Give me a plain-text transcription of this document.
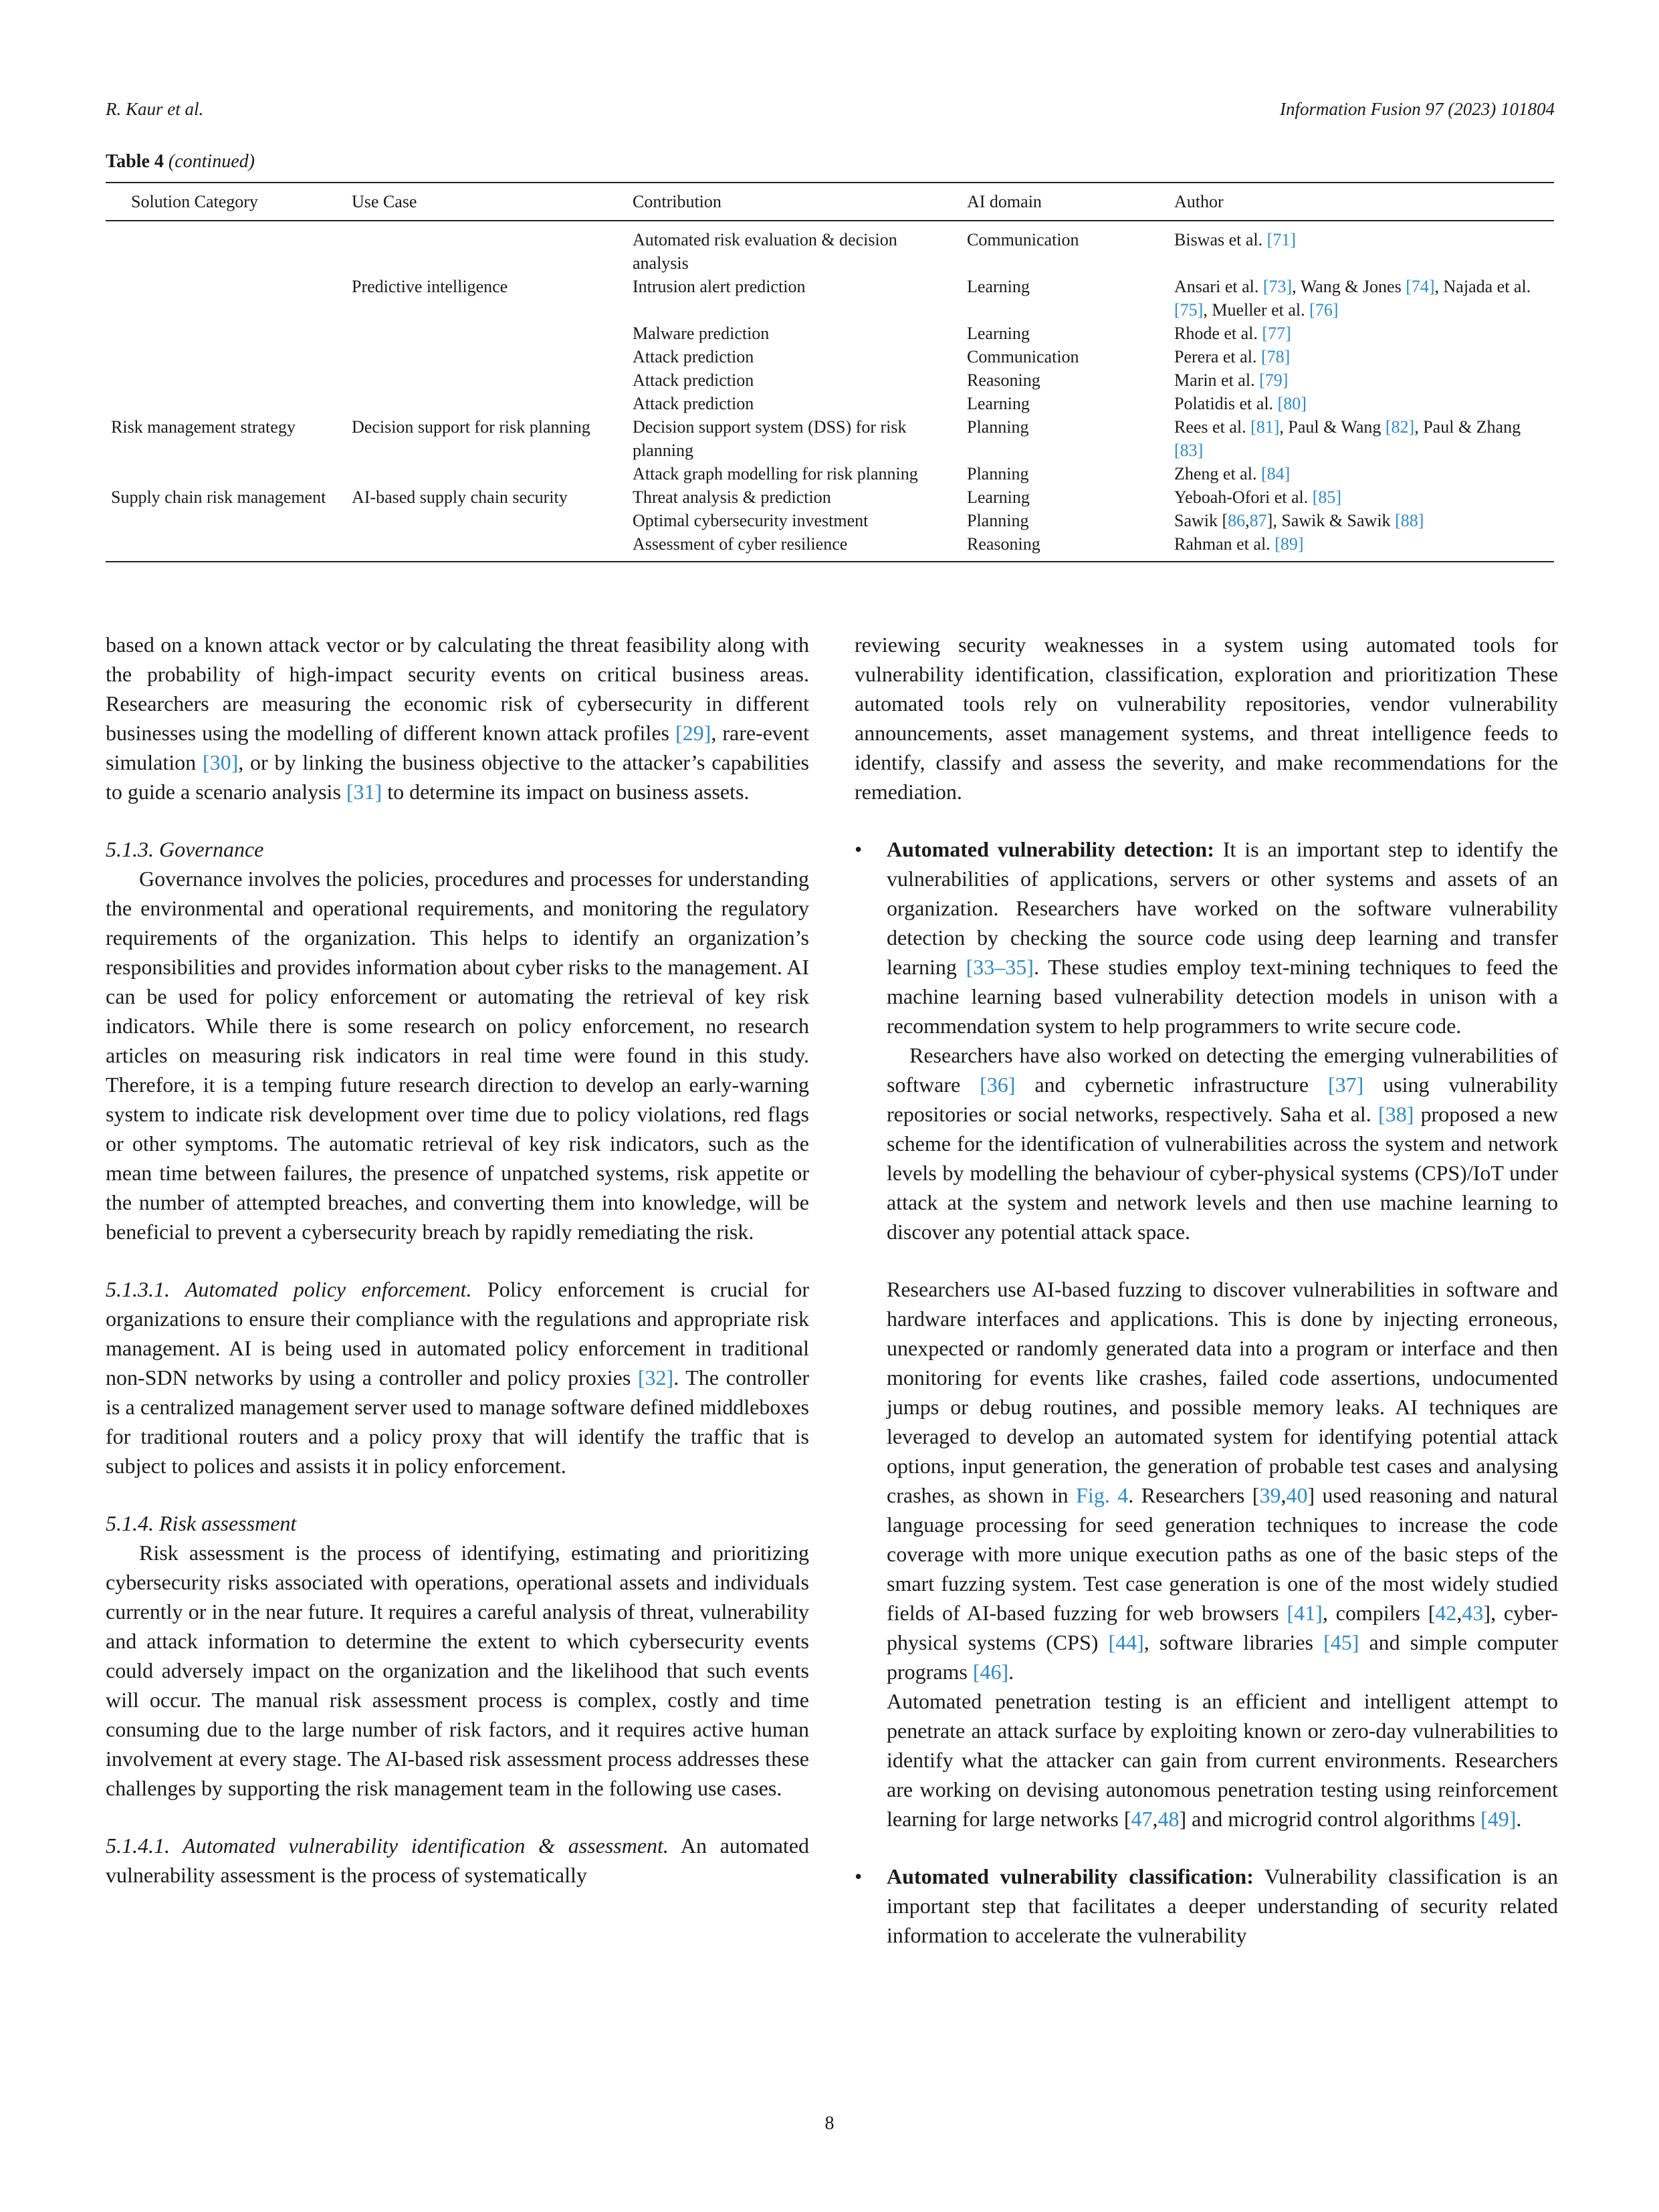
R. Kaur et al.	Information Fusion 97 (2023) 101804
Table 4 (continued)
Solution Category	Use Case	Contribution	AI domain	Author
		Automated risk evaluation & decision analysis	Communication	Biswas et al. [71]
	Predictive intelligence	Intrusion alert prediction	Learning	Ansari et al. [73], Wang & Jones [74], Najada et al. [75], Mueller et al. [76]
		Malware prediction	Learning	Rhode et al. [77]
		Attack prediction	Communication	Perera et al. [78]
		Attack prediction	Reasoning	Marin et al. [79]
		Attack prediction	Learning	Polatidis et al. [80]
Risk management strategy	Decision support for risk planning	Decision support system (DSS) for risk planning	Planning	Rees et al. [81], Paul & Wang [82], Paul & Zhang [83]
		Attack graph modelling for risk planning	Planning	Zheng et al. [84]
Supply chain risk management	AI-based supply chain security	Threat analysis & prediction	Learning	Yeboah-Ofori et al. [85]
		Optimal cybersecurity investment	Planning	Sawik [86,87], Sawik & Sawik [88]
		Assessment of cyber resilience	Reasoning	Rahman et al. [89]

based on a known attack vector or by calculating the threat feasibility along with the probability of high-impact security events on critical business areas. Researchers are measuring the economic risk of cybersecurity in different businesses using the modelling of different known attack profiles [29], rare-event simulation [30], or by linking the business objective to the attacker’s capabilities to guide a scenario analysis [31] to determine its impact on business assets.

5.1.3. Governance

Governance involves the policies, procedures and processes for understanding the environmental and operational requirements, and monitoring the regulatory requirements of the organization. This helps to identify an organization’s responsibilities and provides information about cyber risks to the management. AI can be used for policy enforcement or automating the retrieval of key risk indicators. While there is some research on policy enforcement, no research articles on measuring risk indicators in real time were found in this study. Therefore, it is a temping future research direction to develop an early-warning system to indicate risk development over time due to policy violations, red flags or other symptoms. The automatic retrieval of key risk indicators, such as the mean time between failures, the presence of unpatched systems, risk appetite or the number of attempted breaches, and converting them into knowledge, will be beneficial to prevent a cybersecurity breach by rapidly remediating the risk.

5.1.3.1. Automated policy enforcement. Policy enforcement is crucial for organizations to ensure their compliance with the regulations and appropriate risk management. AI is being used in automated policy enforcement in traditional non-SDN networks by using a controller and policy proxies [32]. The controller is a centralized management server used to manage software defined middleboxes for traditional routers and a policy proxy that will identify the traffic that is subject to polices and assists it in policy enforcement.

5.1.4. Risk assessment

Risk assessment is the process of identifying, estimating and prioritizing cybersecurity risks associated with operations, operational assets and individuals currently or in the near future. It requires a careful analysis of threat, vulnerability and attack information to determine the extent to which cybersecurity events could adversely impact on the organization and the likelihood that such events will occur. The manual risk assessment process is complex, costly and time consuming due to the large number of risk factors, and it requires active human involvement at every stage. The AI-based risk assessment process addresses these challenges by supporting the risk management team in the following use cases.

5.1.4.1. Automated vulnerability identification & assessment. An automated vulnerability assessment is the process of systematically

reviewing security weaknesses in a system using automated tools for vulnerability identification, classification, exploration and prioritization These automated tools rely on vulnerability repositories, vendor vulnerability announcements, asset management systems, and threat intelligence feeds to identify, classify and assess the severity, and make recommendations for the remediation.

• Automated vulnerability detection: It is an important step to identify the vulnerabilities of applications, servers or other systems and assets of an organization. Researchers have worked on the software vulnerability detection by checking the source code using deep learning and transfer learning [33–35]. These studies employ text-mining techniques to feed the machine learning based vulnerability detection models in unison with a recommendation system to help programmers to write secure code.

Researchers have also worked on detecting the emerging vulnerabilities of software [36] and cybernetic infrastructure [37] using vulnerability repositories or social networks, respectively. Saha et al. [38] proposed a new scheme for the identification of vulnerabilities across the system and network levels by modelling the behaviour of cyber-physical systems (CPS)/IoT under attack at the system and network levels and then use machine learning to discover any potential attack space.

Researchers use AI-based fuzzing to discover vulnerabilities in software and hardware interfaces and applications. This is done by injecting erroneous, unexpected or randomly generated data into a program or interface and then monitoring for events like crashes, failed code assertions, undocumented jumps or debug routines, and possible memory leaks. AI techniques are leveraged to develop an automated system for identifying potential attack options, input generation, the generation of probable test cases and analysing crashes, as shown in Fig. 4. Researchers [39,40] used reasoning and natural language processing for seed generation techniques to increase the code coverage with more unique execution paths as one of the basic steps of the smart fuzzing system. Test case generation is one of the most widely studied fields of AI-based fuzzing for web browsers [41], compilers [42,43], cyber-physical systems (CPS) [44], software libraries [45] and simple computer programs [46].

Automated penetration testing is an efficient and intelligent attempt to penetrate an attack surface by exploiting known or zero-day vulnerabilities to identify what the attacker can gain from current environments. Researchers are working on devising autonomous penetration testing using reinforcement learning for large networks [47,48] and microgrid control algorithms [49].

• Automated vulnerability classification: Vulnerability classification is an important step that facilitates a deeper understanding of security related information to accelerate the vulnerability

8
